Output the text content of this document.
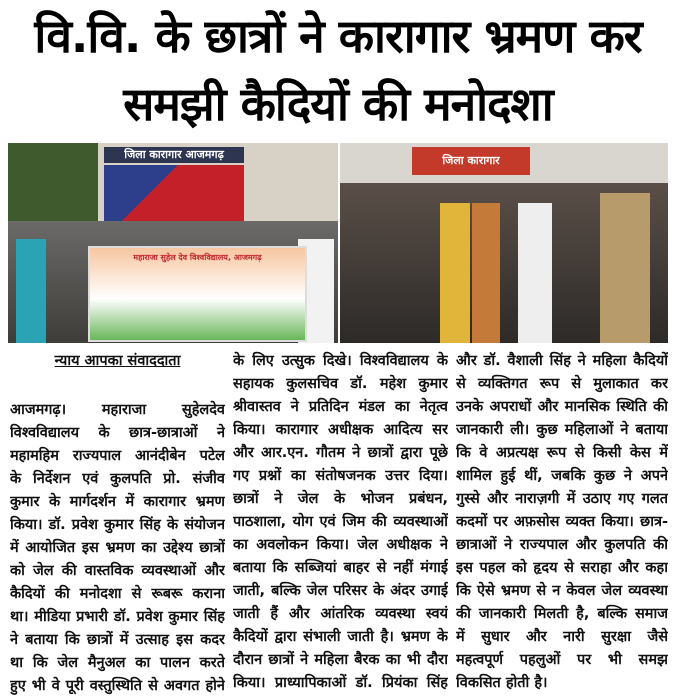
वि.वि. के छात्रों ने कारागार भ्रमण कर
समझी कैदियों की मनोदशा
जिला कारागार आजमगढ़
महाराजा सुहेल देव विश्वविद्यालय, आजमगढ़
जिला कारागार
न्याय आपका संवाददाता
आजमगढ़। महाराजा सुहेलदेव
विश्वविद्यालय के छात्र-छात्राओं ने
महामहिम राज्यपाल आनंदीबेन पटेल
के निर्देशन एवं कुलपति प्रो. संजीव
कुमार के मार्गदर्शन में कारागार भ्रमण
किया। डॉ. प्रवेश कुमार सिंह के संयोजन
में आयोजित इस भ्रमण का उद्देश्य छात्रों
को जेल की वास्तविक व्यवस्थाओं और
कैदियों की मनोदशा से रूबरू कराना
था। मीडिया प्रभारी डॉ. प्रवेश कुमार सिंह
ने बताया कि छात्रों में उत्साह इस कदर
था कि जेल मैनुअल का पालन करते
हुए भी वे पूरी वस्तुस्थिति से अवगत होने
के लिए उत्सुक दिखे। विश्वविद्यालय के
सहायक कुलसचिव डॉ. महेश कुमार
श्रीवास्तव ने प्रतिदिन मंडल का नेतृत्व
किया। कारागार अधीक्षक आदित्य सर
और आर.एन. गौतम ने छात्रों द्वारा पूछे
गए प्रश्नों का संतोषजनक उत्तर दिया।
छात्रों ने जेल के भोजन प्रबंधन,
पाठशाला, योग एवं जिम की व्यवस्थाओं
का अवलोकन किया। जेल अधीक्षक ने
बताया कि सब्जियां बाहर से नहीं मंगाई
जाती, बल्कि जेल परिसर के अंदर उगाई
जाती हैं और आंतरिक व्यवस्था स्वयं
कैदियों द्वारा संभाली जाती है। भ्रमण के
दौरान छात्रों ने महिला बैरक का भी दौरा
किया। प्राध्यापिकाओं डॉ. प्रियंका सिंह
और डॉ. वैशाली सिंह ने महिला कैदियों
से व्यक्तिगत रूप से मुलाकात कर
उनके अपराधों और मानसिक स्थिति की
जानकारी ली। कुछ महिलाओं ने बताया
कि वे अप्रत्यक्ष रूप से किसी केस में
शामिल हुई थीं, जबकि कुछ ने अपने
गुस्से और नाराज़गी में उठाए गए गलत
कदमों पर अफ़सोस व्यक्त किया। छात्र-
छात्राओं ने राज्यपाल और कुलपति की
इस पहल को हृदय से सराहा और कहा
कि ऐसे भ्रमण से न केवल जेल व्यवस्था
की जानकारी मिलती है, बल्कि समाज
में सुधार और नारी सुरक्षा जैसे
महत्वपूर्ण पहलुओं पर भी समझ
विकसित होती है।
